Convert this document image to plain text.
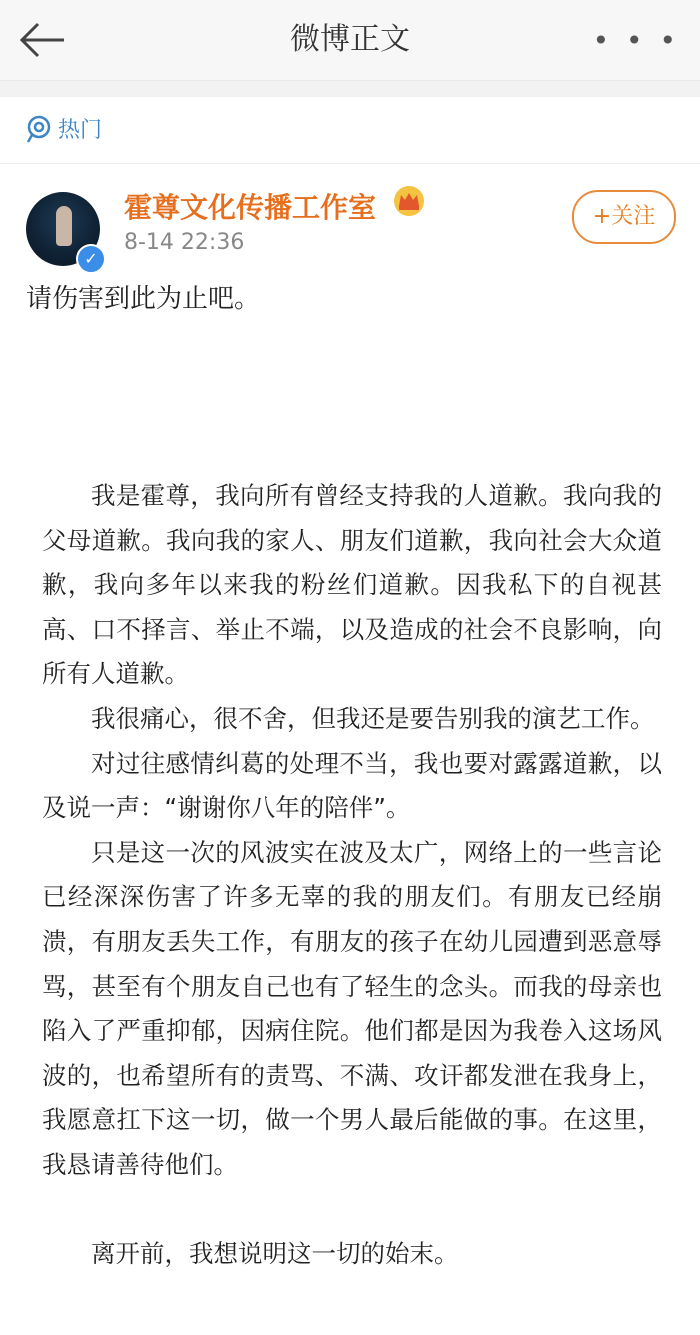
微博正文	• • •
热门
✓
霍尊文化传播工作室
8-14 22:36
+关注
请伤害到此为止吧。

我是霍尊，我向所有曾经支持我的人道歉。我向我的父母道歉。我向我的家人、朋友们道歉，我向社会大众道歉，我向多年以来我的粉丝们道歉。因我私下的自视甚高、口不择言、举止不端，以及造成的社会不良影响，向所有人道歉。

我很痛心，很不舍，但我还是要告别我的演艺工作。

对过往感情纠葛的处理不当，我也要对露露道歉，以及说一声：“谢谢你八年的陪伴”。

只是这一次的风波实在波及太广，网络上的一些言论已经深深伤害了许多无辜的我的朋友们。有朋友已经崩溃，有朋友丢失工作，有朋友的孩子在幼儿园遭到恶意辱骂，甚至有个朋友自己也有了轻生的念头。而我的母亲也陷入了严重抑郁，因病住院。他们都是因为我卷入这场风波的，也希望所有的责骂、不满、攻讦都发泄在我身上，我愿意扛下这一切，做一个男人最后能做的事。在这里，我恳请善待他们。

离开前，我想说明这一切的始末。
